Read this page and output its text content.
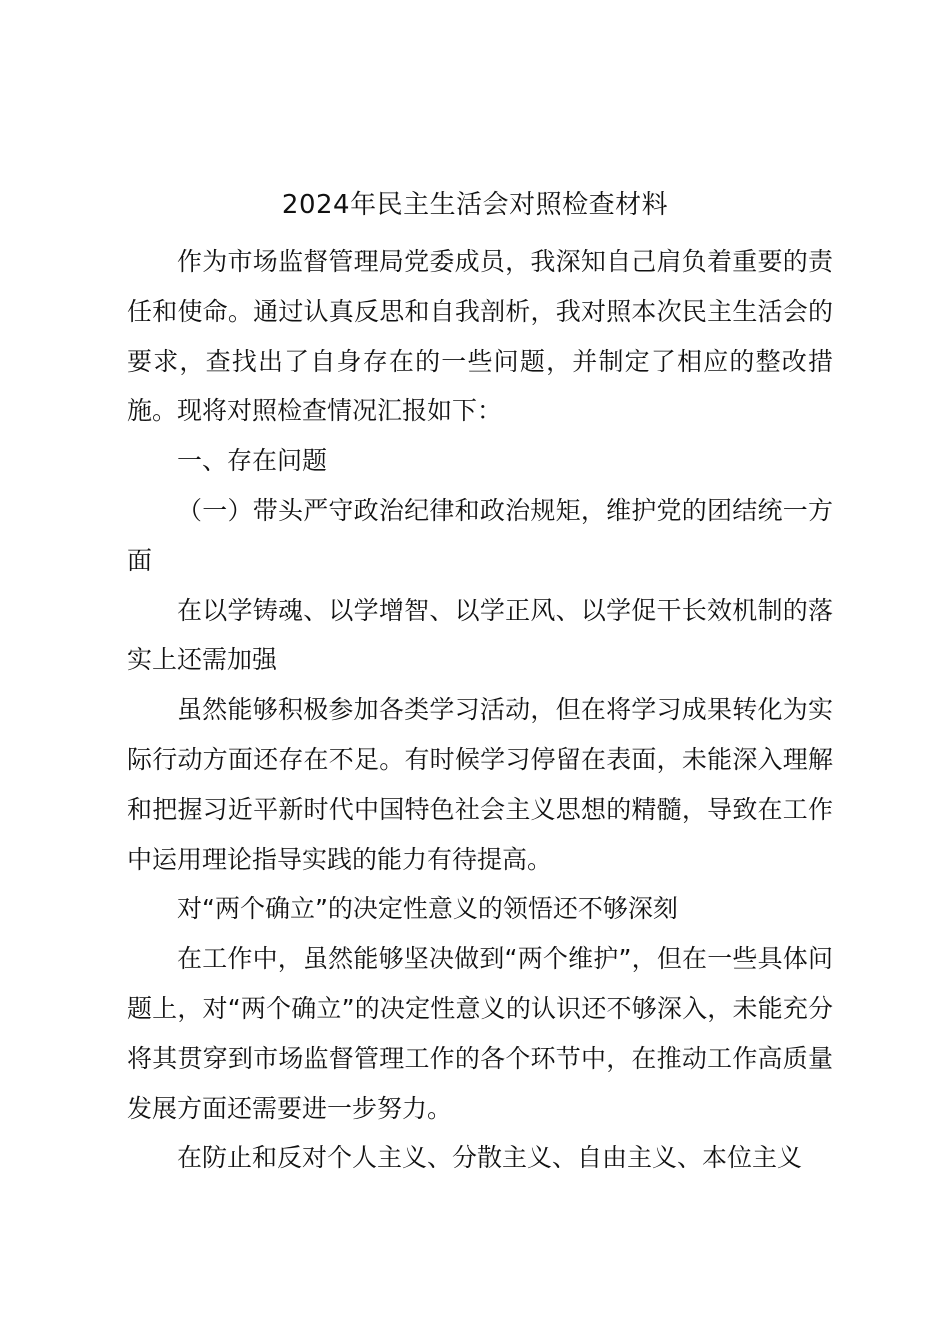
2024年民主生活会对照检查材料

作为市场监督管理局党委成员，我深知自己肩负着重要的责任和使命。通过认真反思和自我剖析，我对照本次民主生活会的要求，查找出了自身存在的一些问题，并制定了相应的整改措施。现将对照检查情况汇报如下：

一、存在问题

（一）带头严守政治纪律和政治规矩，维护党的团结统一方面

在以学铸魂、以学增智、以学正风、以学促干长效机制的落实上还需加强

虽然能够积极参加各类学习活动，但在将学习成果转化为实际行动方面还存在不足。有时候学习停留在表面，未能深入理解和把握习近平新时代中国特色社会主义思想的精髓，导致在工作中运用理论指导实践的能力有待提高。

对“两个确立”的决定性意义的领悟还不够深刻

在工作中，虽然能够坚决做到“两个维护”，但在一些具体问题上，对“两个确立”的决定性意义的认识还不够深入，未能充分将其贯穿到市场监督管理工作的各个环节中，在推动工作高质量发展方面还需要进一步努力。

在防止和反对个人主义、分散主义、自由主义、本位主义
